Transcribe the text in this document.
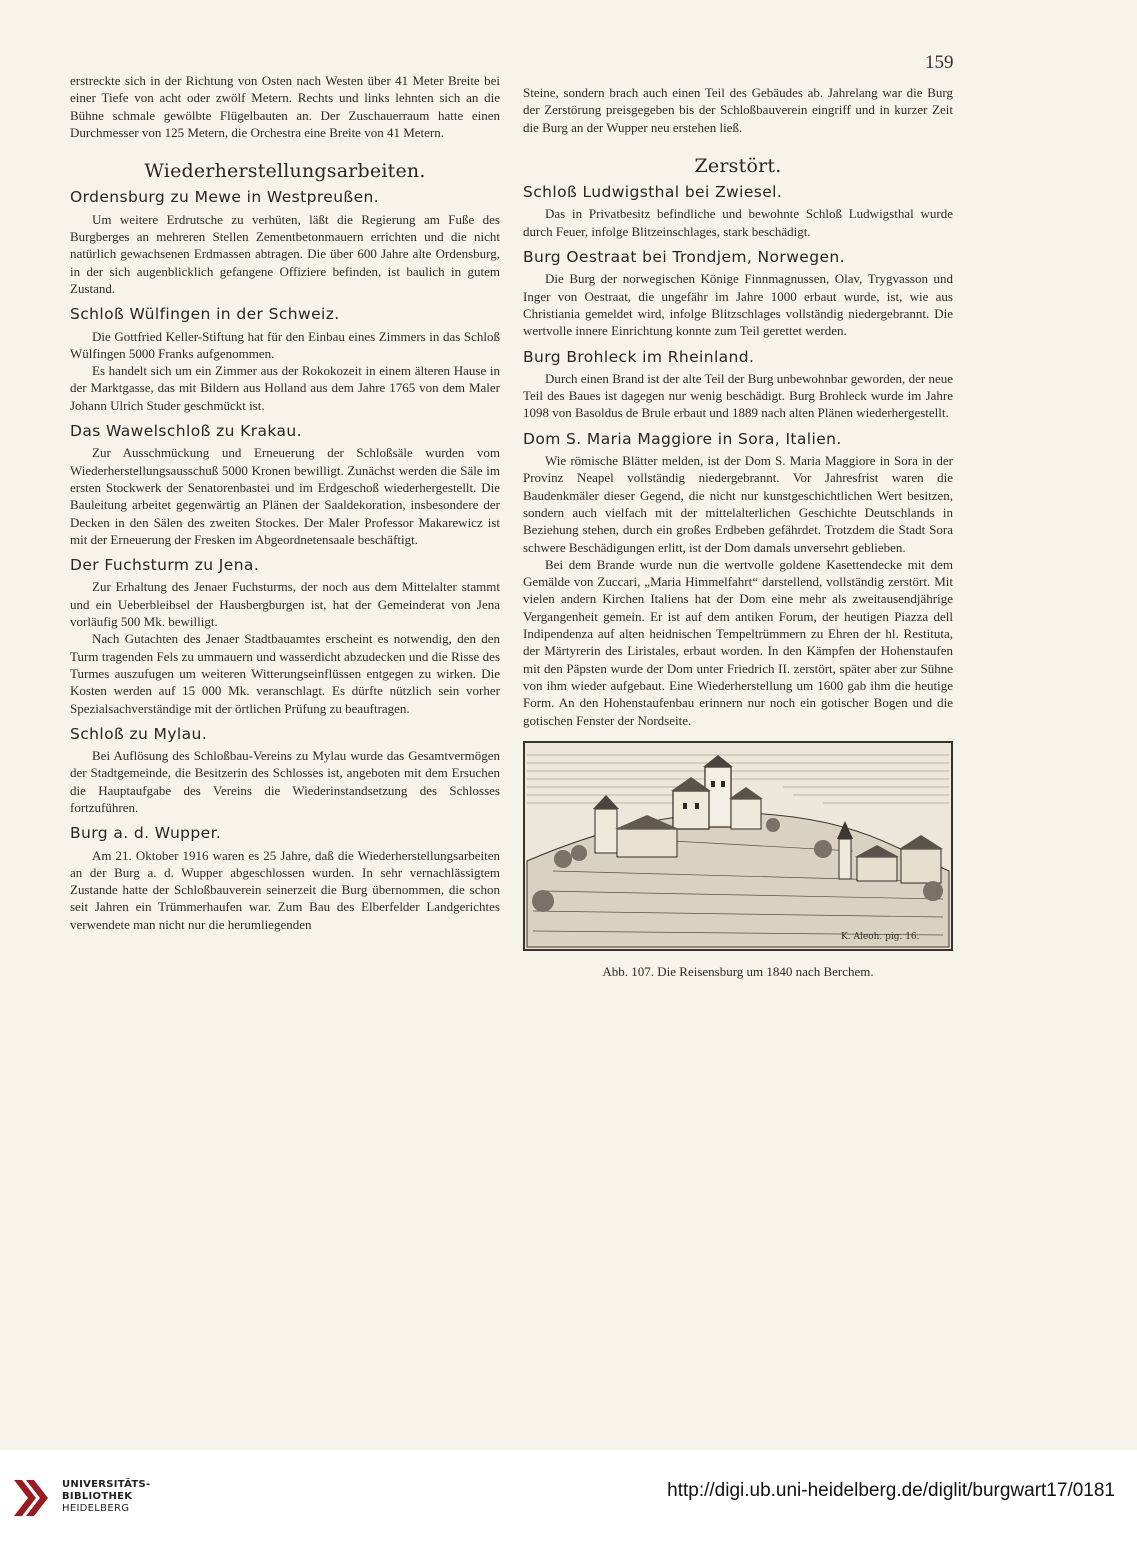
159

erstreckte sich in der Richtung von Osten nach Westen über 41 Meter Breite bei einer Tiefe von acht oder zwölf Metern. Rechts und links lehnten sich an die Bühne schmale gewölbte Flügelbauten an. Der Zuschauerraum hatte einen Durchmesser von 125 Metern, die Orchestra eine Breite von 41 Metern.

Wiederherstellungsarbeiten.
Ordensburg zu Mewe in Westpreußen.

Um weitere Erdrutsche zu verhüten, läßt die Regierung am Fuße des Burgberges an mehreren Stellen Zementbetonmauern errichten und die nicht natürlich gewachsenen Erdmassen abtragen. Die über 600 Jahre alte Ordensburg, in der sich augenblicklich gefangene Offiziere befinden, ist baulich in gutem Zustand.

Schloß Wülfingen in der Schweiz.

Die Gottfried Keller-Stiftung hat für den Einbau eines Zimmers in das Schloß Wülfingen 5000 Franks aufgenommen.

Es handelt sich um ein Zimmer aus der Rokokozeit in einem älteren Hause in der Marktgasse, das mit Bildern aus Holland aus dem Jahre 1765 von dem Maler Johann Ulrich Studer geschmückt ist.

Das Wawelschloß zu Krakau.

Zur Ausschmückung und Erneuerung der Schloßsäle wurden vom Wiederherstellungsausschuß 5000 Kronen bewilligt. Zunächst werden die Säle im ersten Stockwerk der Senatorenbastei und im Erdgeschoß wiederhergestellt. Die Bauleitung arbeitet gegenwärtig an Plänen der Saaldekoration, insbesondere der Decken in den Sälen des zweiten Stockes. Der Maler Professor Makarewicz ist mit der Erneuerung der Fresken im Abgeordnetensaale beschäftigt.

Der Fuchsturm zu Jena.

Zur Erhaltung des Jenaer Fuchsturms, der noch aus dem Mittelalter stammt und ein Ueberbleibsel der Hausbergburgen ist, hat der Gemeinderat von Jena vorläufig 500 Mk. bewilligt.

Nach Gutachten des Jenaer Stadtbauamtes erscheint es notwendig, den den Turm tragenden Fels zu ummauern und wasserdicht abzudecken und die Risse des Turmes auszufugen um weiteren Witterungseinflüssen entgegen zu wirken. Die Kosten werden auf 15 000 Mk. veranschlagt. Es dürfte nützlich sein vorher Spezialsachverständige mit der örtlichen Prüfung zu beauftragen.

Schloß zu Mylau.

Bei Auflösung des Schloßbau-Vereins zu Mylau wurde das Gesamtvermögen der Stadtgemeinde, die Besitzerin des Schlosses ist, angeboten mit dem Ersuchen die Hauptaufgabe des Vereins die Wiederinstandsetzung des Schlosses fortzuführen.

Burg a. d. Wupper.

Am 21. Oktober 1916 waren es 25 Jahre, daß die Wiederherstellungsarbeiten an der Burg a. d. Wupper abgeschlossen wurden. In sehr vernachlässigtem Zustande hatte der Schloßbauverein seinerzeit die Burg übernommen, die schon seit Jahren ein Trümmerhaufen war. Zum Bau des Elberfelder Landgerichtes verwendete man nicht nur die herumliegenden

Steine, sondern brach auch einen Teil des Gebäudes ab. Jahrelang war die Burg der Zerstörung preisgegeben bis der Schloßbauverein eingriff und in kurzer Zeit die Burg an der Wupper neu erstehen ließ.

Zerstört.
Schloß Ludwigsthal bei Zwiesel.

Das in Privatbesitz befindliche und bewohnte Schloß Ludwigsthal wurde durch Feuer, infolge Blitzeinschlages, stark beschädigt.

Burg Oestraat bei Trondjem, Norwegen.

Die Burg der norwegischen Könige Finnmagnussen, Olav, Trygvasson und Inger von Oestraat, die ungefähr im Jahre 1000 erbaut wurde, ist, wie aus Christiania gemeldet wird, infolge Blitzschlages vollständig niedergebrannt. Die wertvolle innere Einrichtung konnte zum Teil gerettet werden.

Burg Brohleck im Rheinland.

Durch einen Brand ist der alte Teil der Burg unbewohnbar geworden, der neue Teil des Baues ist dagegen nur wenig beschädigt. Burg Brohleck wurde im Jahre 1098 von Basoldus de Brule erbaut und 1889 nach alten Plänen wiederhergestellt.

Dom S. Maria Maggiore in Sora, Italien.

Wie römische Blätter melden, ist der Dom S. Maria Maggiore in Sora in der Provinz Neapel vollständig niedergebrannt. Vor Jahresfrist waren die Baudenkmäler dieser Gegend, die nicht nur kunstgeschichtlichen Wert besitzen, sondern auch vielfach mit der mittelalterlichen Geschichte Deutschlands in Beziehung stehen, durch ein großes Erdbeben gefährdet. Trotzdem die Stadt Sora schwere Beschädigungen erlitt, ist der Dom damals unversehrt geblieben.

Bei dem Brande wurde nun die wertvolle goldene Kasettendecke mit dem Gemälde von Zuccari, „Maria Himmelfahrt“ darstellend, vollständig zerstört. Mit vielen andern Kirchen Italiens hat der Dom eine mehr als zweitausendjährige Vergangenheit gemein. Er ist auf dem antiken Forum, der heutigen Piazza dell Indipendenza auf alten heidnischen Tempeltrümmern zu Ehren der hl. Restituta, der Märtyrerin des Liristales, erbaut worden. In den Kämpfen der Hohenstaufen mit den Päpsten wurde der Dom unter Friedrich II. zerstört, später aber zur Sühne von ihm wieder aufgebaut. Eine Wiederherstellung um 1600 gab ihm die heutige Form. An den Hohenstaufenbau erinnern nur noch ein gotischer Bogen und die gotischen Fenster der Nordseite.

K. Aleoh. pig. 16.
Abb. 107. Die Reisensburg um 1840 nach Berchem.
UNIVERSITÄTS-
BIBLIOTHEK
HEIDELBERG
http://digi.ub.uni-heidelberg.de/diglit/burgwart17/0181
